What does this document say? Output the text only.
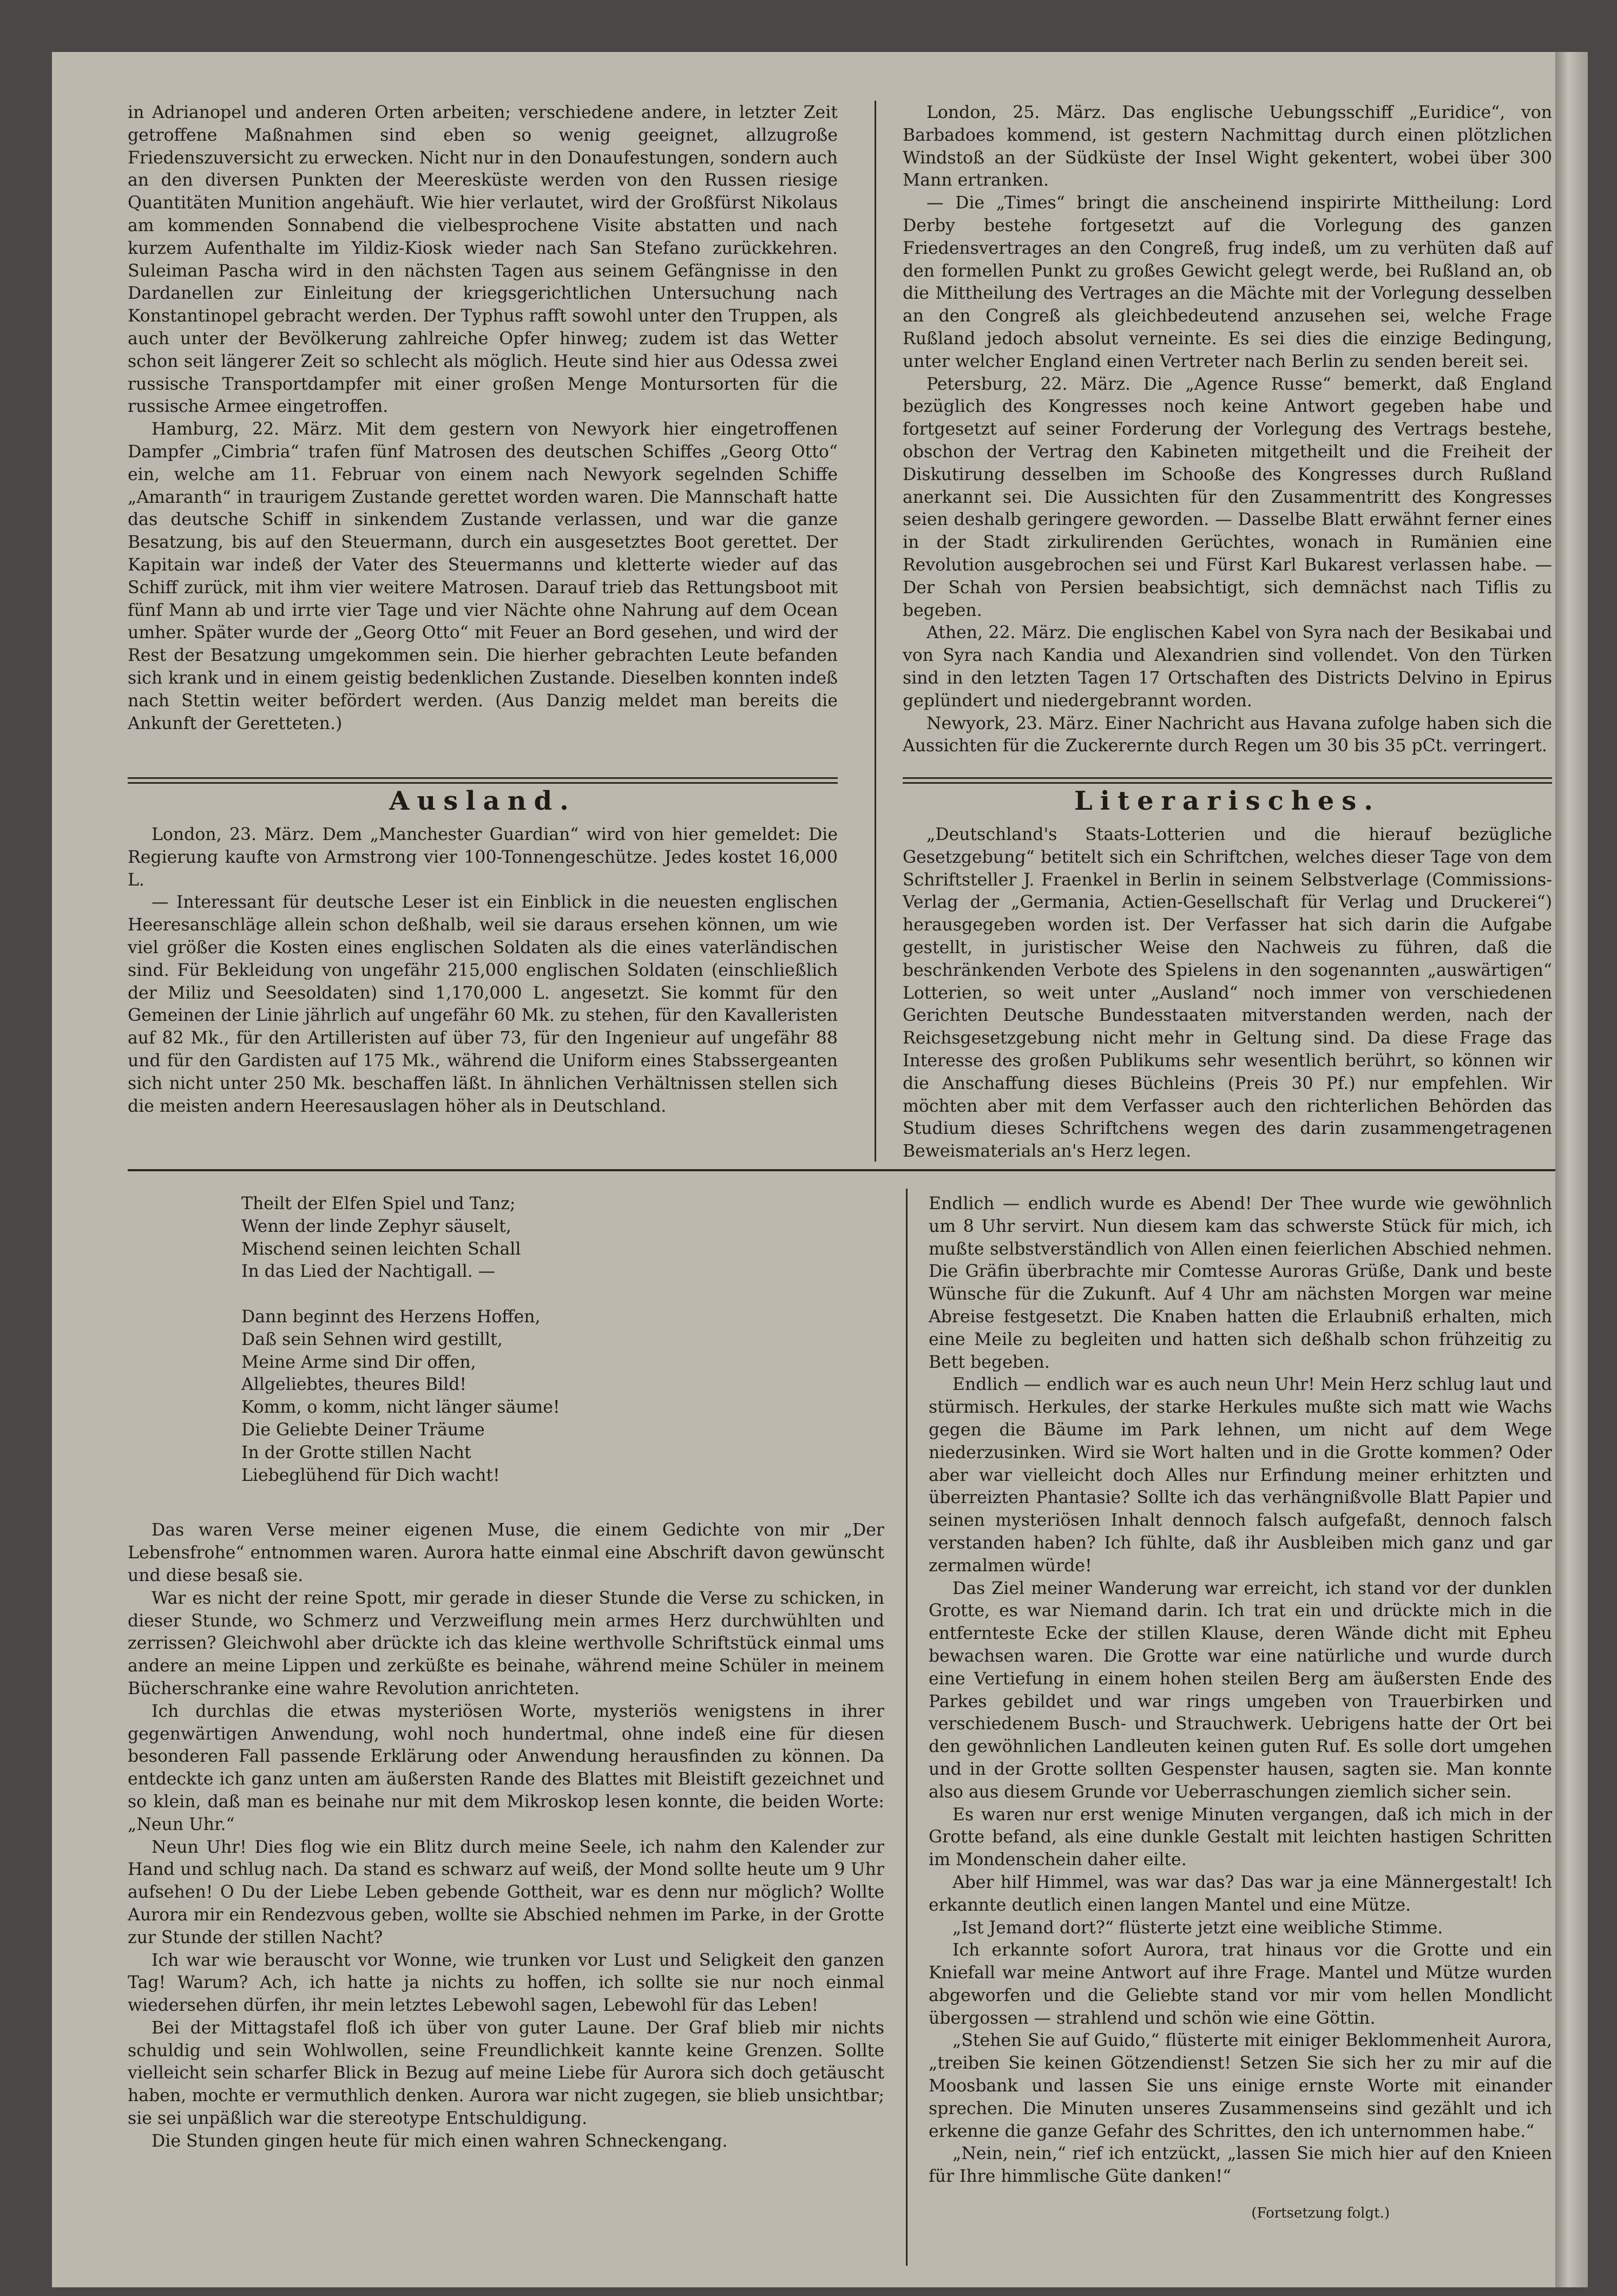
in Adrianopel und anderen Orten arbeiten; verschiedene andere, in letzter Zeit getroffene Maßnahmen sind eben so wenig geeignet, allzugroße Friedenszuversicht zu erwecken. Nicht nur in den Donaufestungen, sondern auch an den diversen Punkten der Meeresküste werden von den Russen riesige Quantitäten Munition angehäuft. Wie hier verlautet, wird der Großfürst Nikolaus am kommenden Sonnabend die vielbesprochene Visite abstatten und nach kurzem Aufenthalte im Yildiz-Kiosk wieder nach San Stefano zurückkehren. Suleiman Pascha wird in den nächsten Tagen aus seinem Gefängnisse in den Dardanellen zur Einleitung der kriegsgerichtlichen Untersuchung nach Konstantinopel gebracht werden. Der Typhus rafft sowohl unter den Truppen, als auch unter der Bevölkerung zahlreiche Opfer hinweg; zudem ist das Wetter schon seit längerer Zeit so schlecht als möglich. Heute sind hier aus Odessa zwei russische Transportdampfer mit einer großen Menge Montursorten für die russische Armee eingetroffen.

Hamburg, 22. März. Mit dem gestern von Newyork hier eingetroffenen Dampfer „Cimbria“ trafen fünf Matrosen des deutschen Schiffes „Georg Otto“ ein, welche am 11. Februar von einem nach Newyork segelnden Schiffe „Amaranth“ in traurigem Zustande gerettet worden waren. Die Mannschaft hatte das deutsche Schiff in sinkendem Zustande verlassen, und war die ganze Besatzung, bis auf den Steuermann, durch ein ausgesetztes Boot gerettet. Der Kapitain war indeß der Vater des Steuermanns und kletterte wieder auf das Schiff zurück, mit ihm vier weitere Matrosen. Darauf trieb das Rettungsboot mit fünf Mann ab und irrte vier Tage und vier Nächte ohne Nahrung auf dem Ocean umher. Später wurde der „Georg Otto“ mit Feuer an Bord gesehen, und wird der Rest der Besatzung umgekommen sein. Die hierher gebrachten Leute befanden sich krank und in einem geistig bedenklichen Zustande. Dieselben konnten indeß nach Stettin weiter befördert werden. (Aus Danzig meldet man bereits die Ankunft der Geretteten.)

Ausland.

London, 23. März. Dem „Manchester Guardian“ wird von hier gemeldet: Die Regierung kaufte von Armstrong vier 100-Tonnengeschütze. Jedes kostet 16,000 L.

— Interessant für deutsche Leser ist ein Einblick in die neuesten englischen Heeresanschläge allein schon deßhalb, weil sie daraus ersehen können, um wie viel größer die Kosten eines englischen Soldaten als die eines vaterländischen sind. Für Bekleidung von ungefähr 215,000 englischen Soldaten (einschließlich der Miliz und Seesoldaten) sind 1,170,000 L. angesetzt. Sie kommt für den Gemeinen der Linie jährlich auf ungefähr 60 Mk. zu stehen, für den Kavalleristen auf 82 Mk., für den Artilleristen auf über 73, für den Ingenieur auf ungefähr 88 und für den Gardisten auf 175 Mk., während die Uniform eines Stabssergeanten sich nicht unter 250 Mk. beschaffen läßt. In ähnlichen Verhältnissen stellen sich die meisten andern Heeresauslagen höher als in Deutschland.

London, 25. März. Das englische Uebungsschiff „Euridice“, von Barbadoes kommend, ist gestern Nachmittag durch einen plötzlichen Windstoß an der Südküste der Insel Wight gekentert, wobei über 300 Mann ertranken.

— Die „Times“ bringt die anscheinend inspirirte Mittheilung: Lord Derby bestehe fortgesetzt auf die Vorlegung des ganzen Friedensvertrages an den Congreß, frug indeß, um zu verhüten daß auf den formellen Punkt zu großes Gewicht gelegt werde, bei Rußland an, ob die Mittheilung des Vertrages an die Mächte mit der Vorlegung desselben an den Congreß als gleichbedeutend anzusehen sei, welche Frage Rußland jedoch absolut verneinte. Es sei dies die einzige Bedingung, unter welcher England einen Vertreter nach Berlin zu senden bereit sei.

Petersburg, 22. März. Die „Agence Russe“ bemerkt, daß England bezüglich des Kongresses noch keine Antwort gegeben habe und fortgesetzt auf seiner Forderung der Vorlegung des Vertrags bestehe, obschon der Vertrag den Kabineten mitgetheilt und die Freiheit der Diskutirung desselben im Schooße des Kongresses durch Rußland anerkannt sei. Die Aussichten für den Zusammentritt des Kongresses seien deshalb geringere geworden. — Dasselbe Blatt erwähnt ferner eines in der Stadt zirkulirenden Gerüchtes, wonach in Rumänien eine Revolution ausgebrochen sei und Fürst Karl Bukarest verlassen habe. — Der Schah von Persien beabsichtigt, sich demnächst nach Tiflis zu begeben.

Athen, 22. März. Die englischen Kabel von Syra nach der Besikabai und von Syra nach Kandia und Alexandrien sind vollendet. Von den Türken sind in den letzten Tagen 17 Ortschaften des Districts Delvino in Epirus geplündert und niedergebrannt worden.

Newyork, 23. März. Einer Nachricht aus Havana zufolge haben sich die Aussichten für die Zuckerernte durch Regen um 30 bis 35 pCt. verringert.

Literarisches.

„Deutschland's Staats-Lotterien und die hierauf bezügliche Gesetzgebung“ betitelt sich ein Schriftchen, welches dieser Tage von dem Schriftsteller J. Fraenkel in Berlin in seinem Selbstverlage (Commissions-Verlag der „Germania, Actien-Gesellschaft für Verlag und Druckerei“) herausgegeben worden ist. Der Verfasser hat sich darin die Aufgabe gestellt, in juristischer Weise den Nachweis zu führen, daß die beschränkenden Verbote des Spielens in den sogenannten „auswärtigen“ Lotterien, so weit unter „Ausland“ noch immer von verschiedenen Gerichten Deutsche Bundesstaaten mitverstanden werden, nach der Reichsgesetzgebung nicht mehr in Geltung sind. Da diese Frage das Interesse des großen Publikums sehr wesentlich berührt, so können wir die Anschaffung dieses Büchleins (Preis 30 Pf.) nur empfehlen. Wir möchten aber mit dem Verfasser auch den richterlichen Behörden das Studium dieses Schriftchens wegen des darin zusammengetragenen Beweismaterials an's Herz legen.

Theilt der Elfen Spiel und Tanz;
Wenn der linde Zephyr säuselt,
Mischend seinen leichten Schall
In das Lied der Nachtigall. —
Dann beginnt des Herzens Hoffen,
Daß sein Sehnen wird gestillt,
Meine Arme sind Dir offen,
Allgeliebtes, theures Bild!
Komm, o komm, nicht länger säume!
Die Geliebte Deiner Träume
In der Grotte stillen Nacht
Liebeglühend für Dich wacht!

Das waren Verse meiner eigenen Muse, die einem Gedichte von mir „Der Lebensfrohe“ entnommen waren. Aurora hatte einmal eine Abschrift davon gewünscht und diese besaß sie.

War es nicht der reine Spott, mir gerade in dieser Stunde die Verse zu schicken, in dieser Stunde, wo Schmerz und Verzweiflung mein armes Herz durchwühlten und zerrissen? Gleichwohl aber drückte ich das kleine werthvolle Schriftstück einmal ums andere an meine Lippen und zerküßte es beinahe, während meine Schüler in meinem Bücherschranke eine wahre Revolution anrichteten.

Ich durchlas die etwas mysteriösen Worte, mysteriös wenigstens in ihrer gegenwärtigen Anwendung, wohl noch hundertmal, ohne indeß eine für diesen besonderen Fall passende Erklärung oder Anwendung herausfinden zu können. Da entdeckte ich ganz unten am äußersten Rande des Blattes mit Bleistift gezeichnet und so klein, daß man es beinahe nur mit dem Mikroskop lesen konnte, die beiden Worte: „Neun Uhr.“

Neun Uhr! Dies flog wie ein Blitz durch meine Seele, ich nahm den Kalender zur Hand und schlug nach. Da stand es schwarz auf weiß, der Mond sollte heute um 9 Uhr aufsehen! O Du der Liebe Leben gebende Gottheit, war es denn nur möglich? Wollte Aurora mir ein Rendezvous geben, wollte sie Abschied nehmen im Parke, in der Grotte zur Stunde der stillen Nacht?

Ich war wie berauscht vor Wonne, wie trunken vor Lust und Seligkeit den ganzen Tag! Warum? Ach, ich hatte ja nichts zu hoffen, ich sollte sie nur noch einmal wiedersehen dürfen, ihr mein letztes Lebewohl sagen, Lebewohl für das Leben!

Bei der Mittagstafel floß ich über von guter Laune. Der Graf blieb mir nichts schuldig und sein Wohlwollen, seine Freundlichkeit kannte keine Grenzen. Sollte vielleicht sein scharfer Blick in Bezug auf meine Liebe für Aurora sich doch getäuscht haben, mochte er vermuthlich denken. Aurora war nicht zugegen, sie blieb unsichtbar; sie sei unpäßlich war die stereotype Entschuldigung.

Die Stunden gingen heute für mich einen wahren Schneckengang.

Endlich — endlich wurde es Abend! Der Thee wurde wie gewöhnlich um 8 Uhr servirt. Nun diesem kam das schwerste Stück für mich, ich mußte selbstverständlich von Allen einen feierlichen Abschied nehmen. Die Gräfin überbrachte mir Comtesse Auroras Grüße, Dank und beste Wünsche für die Zukunft. Auf 4 Uhr am nächsten Morgen war meine Abreise festgesetzt. Die Knaben hatten die Erlaubniß erhalten, mich eine Meile zu begleiten und hatten sich deßhalb schon frühzeitig zu Bett begeben.

Endlich — endlich war es auch neun Uhr! Mein Herz schlug laut und stürmisch. Herkules, der starke Herkules mußte sich matt wie Wachs gegen die Bäume im Park lehnen, um nicht auf dem Wege niederzusinken. Wird sie Wort halten und in die Grotte kommen? Oder aber war vielleicht doch Alles nur Erfindung meiner erhitzten und überreizten Phantasie? Sollte ich das verhängnißvolle Blatt Papier und seinen mysteriösen Inhalt dennoch falsch aufgefaßt, dennoch falsch verstanden haben? Ich fühlte, daß ihr Ausbleiben mich ganz und gar zermalmen würde!

Das Ziel meiner Wanderung war erreicht, ich stand vor der dunklen Grotte, es war Niemand darin. Ich trat ein und drückte mich in die entfernteste Ecke der stillen Klause, deren Wände dicht mit Epheu bewachsen waren. Die Grotte war eine natürliche und wurde durch eine Vertiefung in einem hohen steilen Berg am äußersten Ende des Parkes gebildet und war rings umgeben von Trauerbirken und verschiedenem Busch- und Strauchwerk. Uebrigens hatte der Ort bei den gewöhnlichen Landleuten keinen guten Ruf. Es solle dort umgehen und in der Grotte sollten Gespenster hausen, sagten sie. Man konnte also aus diesem Grunde vor Ueberraschungen ziemlich sicher sein.

Es waren nur erst wenige Minuten vergangen, daß ich mich in der Grotte befand, als eine dunkle Gestalt mit leichten hastigen Schritten im Mondenschein daher eilte.

Aber hilf Himmel, was war das? Das war ja eine Männergestalt! Ich erkannte deutlich einen langen Mantel und eine Mütze.

„Ist Jemand dort?“ flüsterte jetzt eine weibliche Stimme.

Ich erkannte sofort Aurora, trat hinaus vor die Grotte und ein Kniefall war meine Antwort auf ihre Frage. Mantel und Mütze wurden abgeworfen und die Geliebte stand vor mir vom hellen Mondlicht übergossen — strahlend und schön wie eine Göttin.

„Stehen Sie auf Guido,“ flüsterte mit einiger Beklommenheit Aurora, „treiben Sie keinen Götzendienst! Setzen Sie sich her zu mir auf die Moosbank und lassen Sie uns einige ernste Worte mit einander sprechen. Die Minuten unseres Zusammenseins sind gezählt und ich erkenne die ganze Gefahr des Schrittes, den ich unternommen habe.“

„Nein, nein,“ rief ich entzückt, „lassen Sie mich hier auf den Knieen für Ihre himmlische Güte danken!“

(Fortsetzung folgt.)
